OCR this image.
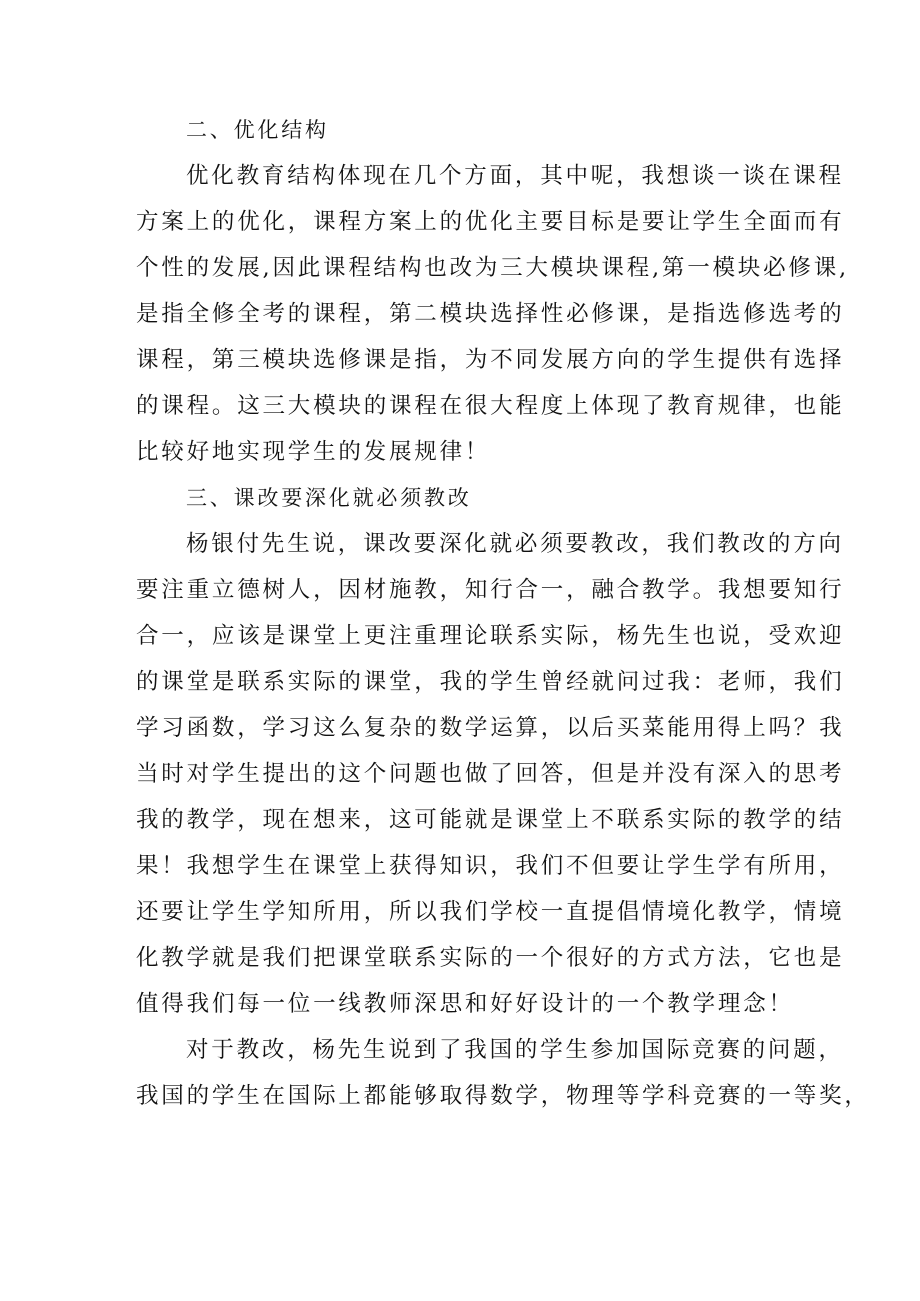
二、优化结构
优化教育结构体现在几个方面，其中呢，我想谈一谈在课程
方案上的优化，课程方案上的优化主要目标是要让学生全面而有
个性的发展,因此课程结构也改为三大模块课程,第一模块必修课,
是指全修全考的课程，第二模块选择性必修课，是指选修选考的
课程，第三模块选修课是指，为不同发展方向的学生提供有选择
的课程。这三大模块的课程在很大程度上体现了教育规律，也能
比较好地实现学生的发展规律！
三、课改要深化就必须教改
杨银付先生说，课改要深化就必须要教改，我们教改的方向
要注重立德树人，因材施教，知行合一，融合教学。我想要知行
合一，应该是课堂上更注重理论联系实际，杨先生也说，受欢迎
的课堂是联系实际的课堂，我的学生曾经就问过我：老师，我们
学习函数，学习这么复杂的数学运算，以后买菜能用得上吗？我
当时对学生提出的这个问题也做了回答，但是并没有深入的思考
我的教学，现在想来，这可能就是课堂上不联系实际的教学的结
果！我想学生在课堂上获得知识，我们不但要让学生学有所用，
还要让学生学知所用，所以我们学校一直提倡情境化教学，情境
化教学就是我们把课堂联系实际的一个很好的方式方法，它也是
值得我们每一位一线教师深思和好好设计的一个教学理念！
对于教改，杨先生说到了我国的学生参加国际竞赛的问题，
我国的学生在国际上都能够取得数学，物理等学科竞赛的一等奖，
